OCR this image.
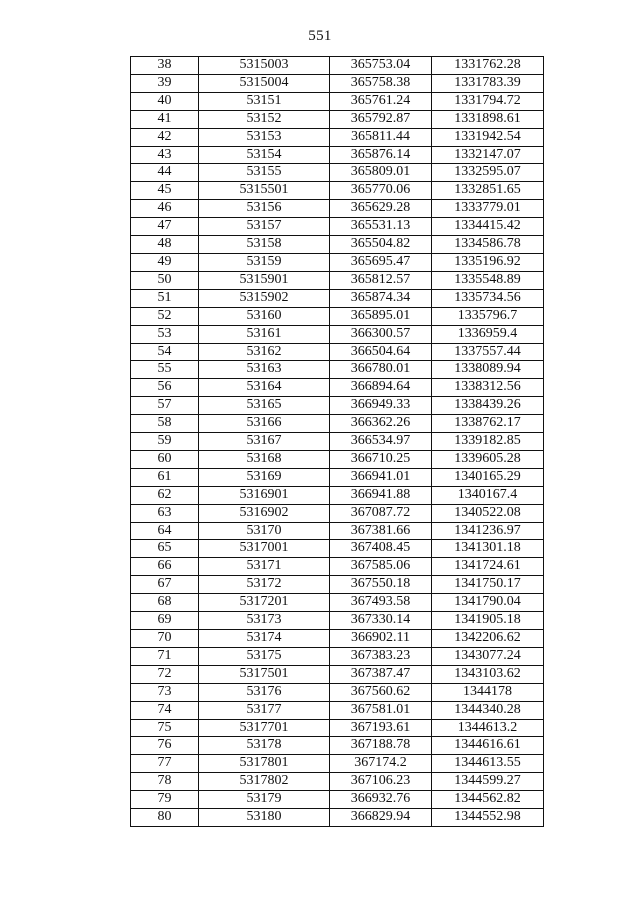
551
38	5315003	365753.04	1331762.28
39	5315004	365758.38	1331783.39
40	53151	365761.24	1331794.72
41	53152	365792.87	1331898.61
42	53153	365811.44	1331942.54
43	53154	365876.14	1332147.07
44	53155	365809.01	1332595.07
45	5315501	365770.06	1332851.65
46	53156	365629.28	1333779.01
47	53157	365531.13	1334415.42
48	53158	365504.82	1334586.78
49	53159	365695.47	1335196.92
50	5315901	365812.57	1335548.89
51	5315902	365874.34	1335734.56
52	53160	365895.01	1335796.7
53	53161	366300.57	1336959.4
54	53162	366504.64	1337557.44
55	53163	366780.01	1338089.94
56	53164	366894.64	1338312.56
57	53165	366949.33	1338439.26
58	53166	366362.26	1338762.17
59	53167	366534.97	1339182.85
60	53168	366710.25	1339605.28
61	53169	366941.01	1340165.29
62	5316901	366941.88	1340167.4
63	5316902	367087.72	1340522.08
64	53170	367381.66	1341236.97
65	5317001	367408.45	1341301.18
66	53171	367585.06	1341724.61
67	53172	367550.18	1341750.17
68	5317201	367493.58	1341790.04
69	53173	367330.14	1341905.18
70	53174	366902.11	1342206.62
71	53175	367383.23	1343077.24
72	5317501	367387.47	1343103.62
73	53176	367560.62	1344178
74	53177	367581.01	1344340.28
75	5317701	367193.61	1344613.2
76	53178	367188.78	1344616.61
77	5317801	367174.2	1344613.55
78	5317802	367106.23	1344599.27
79	53179	366932.76	1344562.82
80	53180	366829.94	1344552.98
